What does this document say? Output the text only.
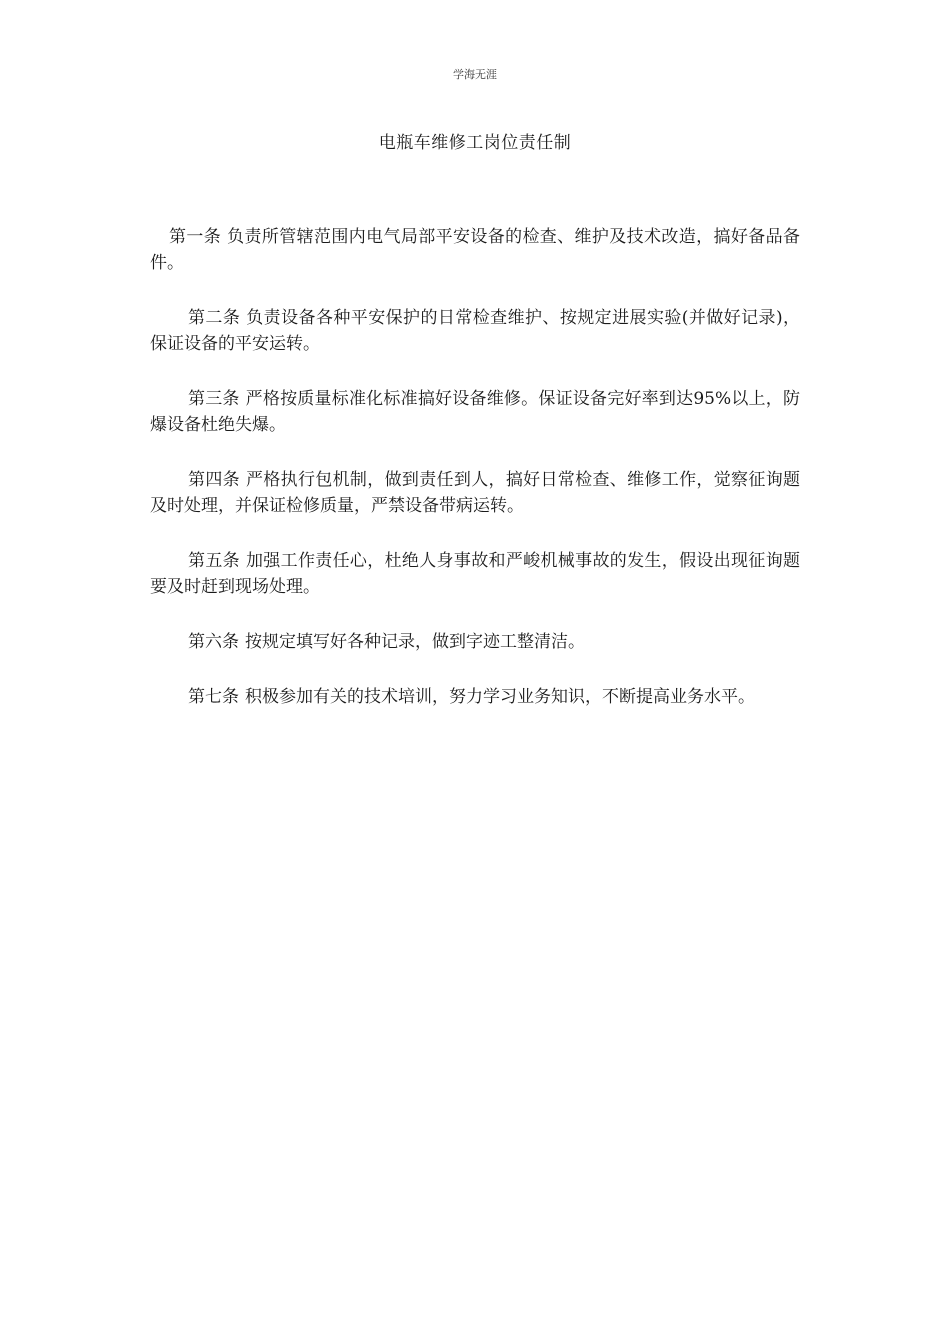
学海无涯
电瓶车维修工岗位责任制

第一条 负责所管辖范围内电气局部平安设备的检查、维护及技术改造，搞好备品备件。

第二条 负责设备各种平安保护的日常检查维护、按规定进展实验(并做好记录)，保证设备的平安运转。

第三条 严格按质量标准化标准搞好设备维修。保证设备完好率到达95%以上，防爆设备杜绝失爆。

第四条 严格执行包机制，做到责任到人，搞好日常检查、维修工作，觉察征询题及时处理，并保证检修质量，严禁设备带病运转。

第五条 加强工作责任心，杜绝人身事故和严峻机械事故的发生，假设出现征询题要及时赶到现场处理。

第六条 按规定填写好各种记录，做到字迹工整清洁。

第七条 积极参加有关的技术培训，努力学习业务知识，不断提高业务水平。
